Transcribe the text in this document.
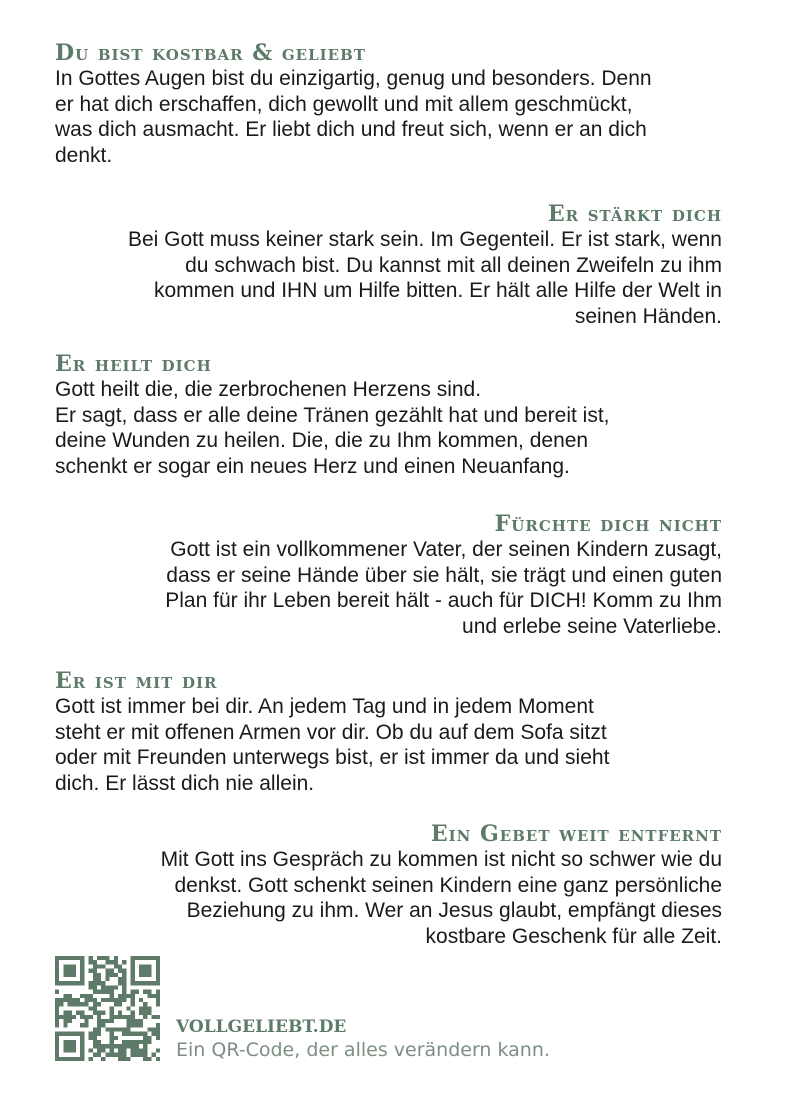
Du bist kostbar & geliebt
In Gottes Augen bist du einzigartig, genug und besonders. Denn
er hat dich erschaffen, dich gewollt und mit allem geschmückt,
was dich ausmacht. Er liebt dich und freut sich, wenn er an dich
denkt.
Er stärkt dich
Bei Gott muss keiner stark sein. Im Gegenteil. Er ist stark, wenn
du schwach bist. Du kannst mit all deinen Zweifeln zu ihm
kommen und IHN um Hilfe bitten. Er hält alle Hilfe der Welt in
seinen Händen.
Er heilt dich
Gott heilt die, die zerbrochenen Herzens sind.
Er sagt, dass er alle deine Tränen gezählt hat und bereit ist,
deine Wunden zu heilen. Die, die zu Ihm kommen, denen
schenkt er sogar ein neues Herz und einen Neuanfang.
Fürchte dich nicht
Gott ist ein vollkommener Vater, der seinen Kindern zusagt,
dass er seine Hände über sie hält, sie trägt und einen guten
Plan für ihr Leben bereit hält - auch für DICH! Komm zu Ihm
und erlebe seine Vaterliebe.
Er ist mit dir
Gott ist immer bei dir. An jedem Tag und in jedem Moment
steht er mit offenen Armen vor dir. Ob du auf dem Sofa sitzt
oder mit Freunden unterwegs bist, er ist immer da und sieht
dich. Er lässt dich nie allein.
Ein Gebet weit entfernt
Mit Gott ins Gespräch zu kommen ist nicht so schwer wie du
denkst. Gott schenkt seinen Kindern eine ganz persönliche
Beziehung zu ihm. Wer an Jesus glaubt, empfängt dieses
kostbare Geschenk für alle Zeit.
VOLLGELIEBT.DE
Ein QR-Code, der alles verändern kann.
